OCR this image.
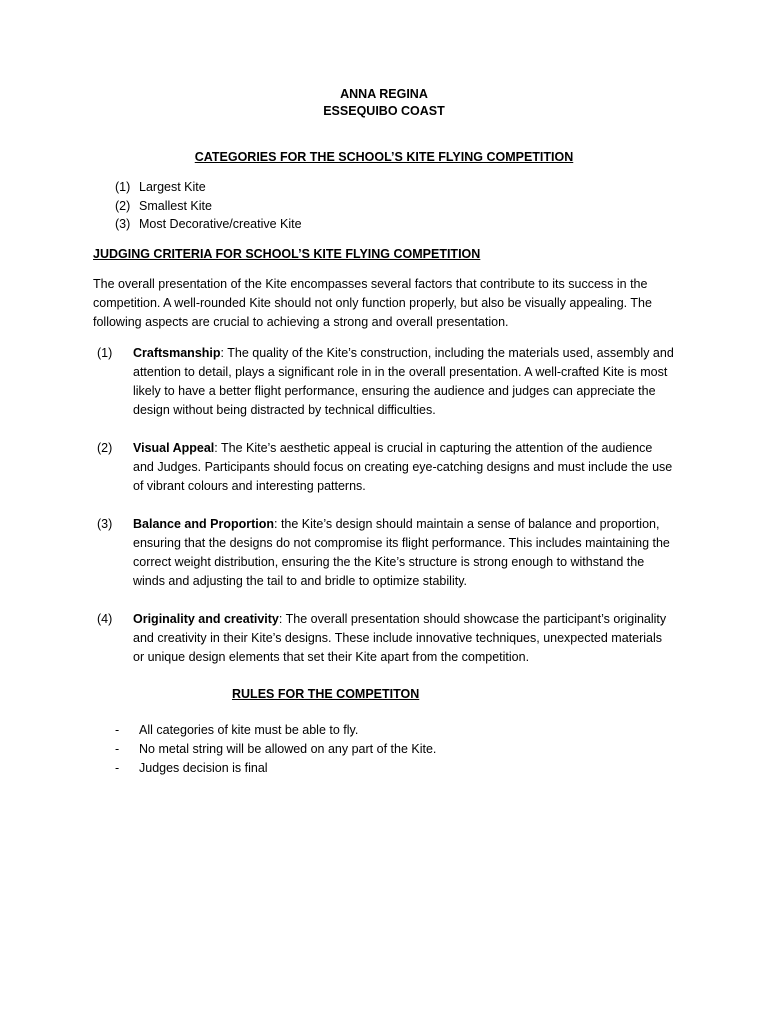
ANNA REGINA

ESSEQUIBO COAST

CATEGORIES FOR THE SCHOOL’S KITE FLYING COMPETITION

(1) Largest Kite
(2) Smallest Kite
(3) Most Decorative/creative Kite

JUDGING CRITERIA FOR SCHOOL’S KITE FLYING COMPETITION

The overall presentation of the Kite encompasses several factors that contribute to its success in the competition. A well-rounded Kite should not only function properly, but also be visually appealing. The following aspects are crucial to achieving a strong and overall presentation.

(1)	Craftsmanship: The quality of the Kite’s construction, including the materials used, assembly and attention to detail, plays a significant role in in the overall presentation. A well-crafted Kite is most likely to have a better flight performance, ensuring the audience and judges can appreciate the design without being distracted by technical difficulties.
(2)	Visual Appeal: The Kite’s aesthetic appeal is crucial in capturing the attention of the audience and Judges. Participants should focus on creating eye-catching designs and must include the use of vibrant colours and interesting patterns.
(3)	Balance and Proportion: the Kite’s design should maintain a sense of balance and proportion, ensuring that the designs do not compromise its flight performance. This includes maintaining the correct weight distribution, ensuring the the Kite’s structure is strong enough to withstand the winds and adjusting the tail to and bridle to optimize stability.
(4)	Originality and creativity: The overall presentation should showcase the participant’s originality and creativity in their Kite’s designs. These include innovative techniques, unexpected materials or unique design elements that set their Kite apart from the competition.

RULES FOR THE COMPETITON

-	All categories of kite must be able to fly.
-	No metal string will be allowed on any part of the Kite.
-	Judges decision is final
